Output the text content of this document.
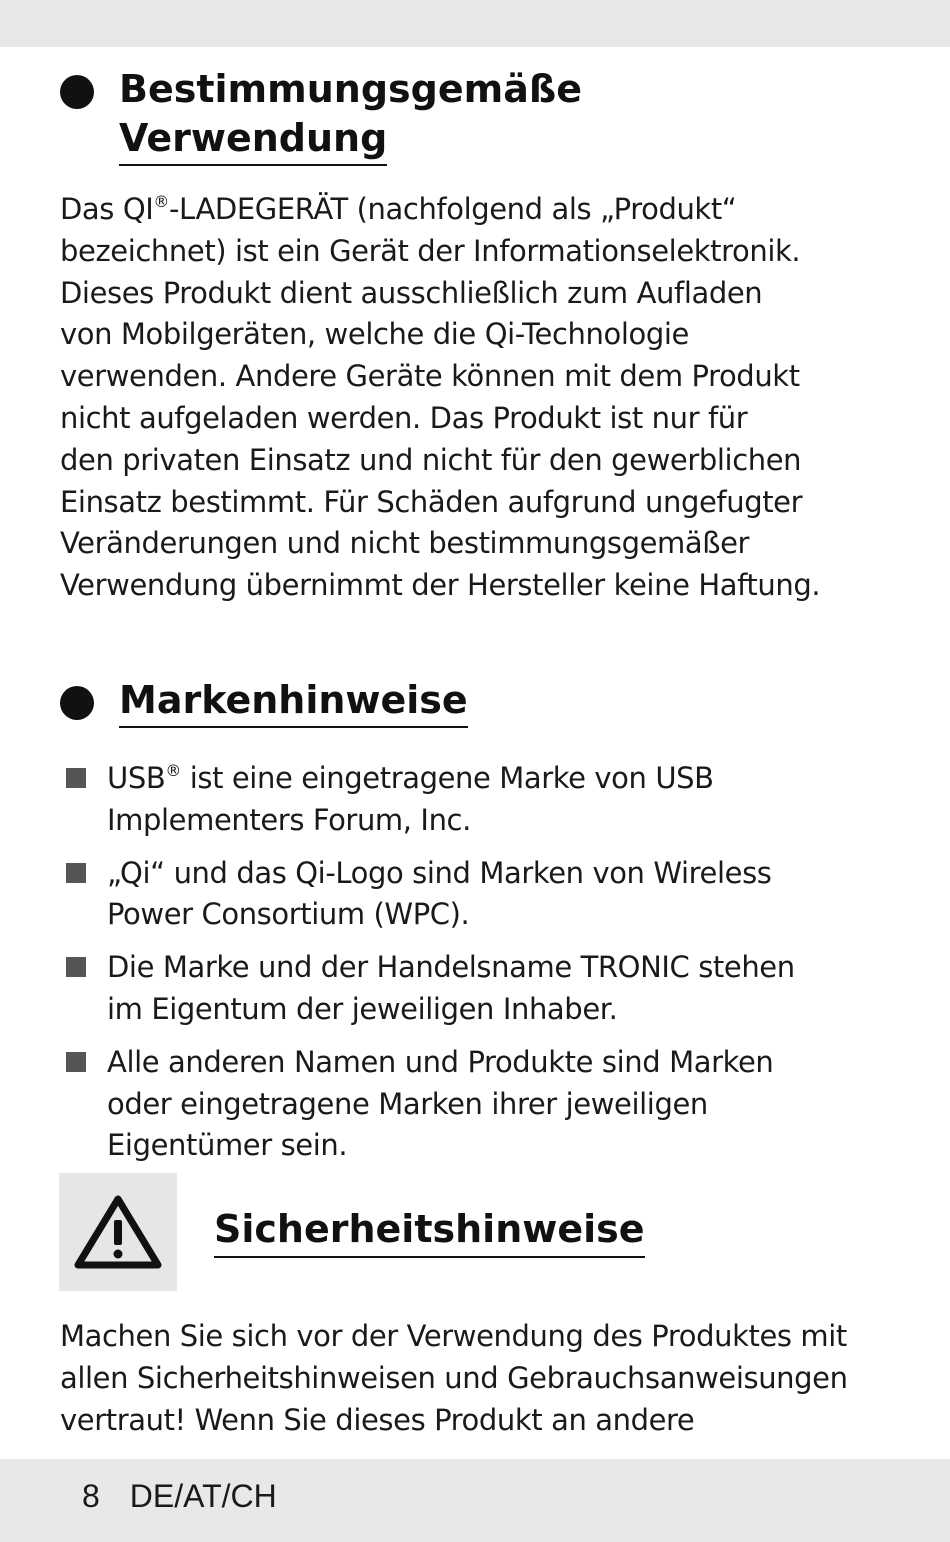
Bestimmungsgemäße
Verwendung
Das QI®-LADEGERÄT (nachfolgend als „Produkt“
bezeichnet) ist ein Gerät der Informationselektronik.
Dieses Produkt dient ausschließlich zum Aufladen
von Mobilgeräten, welche die Qi-Technologie
verwenden. Andere Geräte können mit dem Produkt
nicht aufgeladen werden. Das Produkt ist nur für
den privaten Einsatz und nicht für den gewerblichen
Einsatz bestimmt. Für Schäden aufgrund ungefugter
Veränderungen und nicht bestimmungsgemäßer
Verwendung übernimmt der Hersteller keine Haftung.
Markenhinweise
USB® ist eine eingetragene Marke von USB
Implementers Forum, Inc.
„Qi“ und das Qi-Logo sind Marken von Wireless
Power Consortium (WPC).
Die Marke und der Handelsname TRONIC stehen
im Eigentum der jeweiligen Inhaber.
Alle anderen Namen und Produkte sind Marken
oder eingetragene Marken ihrer jeweiligen
Eigentümer sein.
Sicherheitshinweise
Machen Sie sich vor der Verwendung des Produktes mit
allen Sicherheitshinweisen und Gebrauchsanweisungen
vertraut! Wenn Sie dieses Produkt an andere
8 DE/AT/CH
